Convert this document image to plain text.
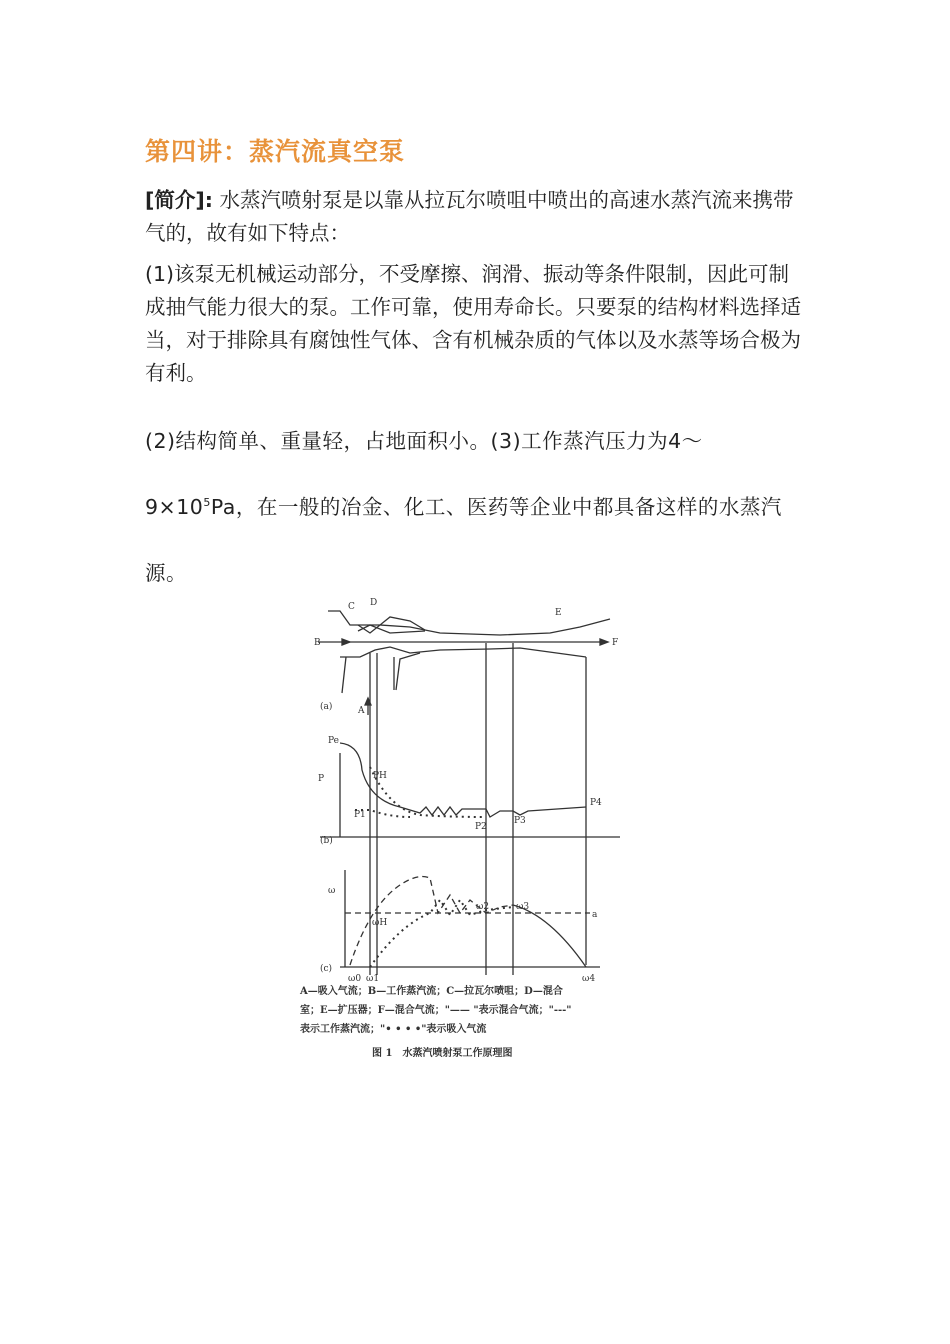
第四讲：蒸汽流真空泵

[简介]: 水蒸汽喷射泵是以靠从拉瓦尔喷咀中喷出的高速水蒸汽流来携带气的，故有如下特点：

(1)该泵无机械运动部分，不受摩擦、润滑、振动等条件限制，因此可制成抽气能力很大的泵。工作可靠，使用寿命长。只要泵的结构材料选择适当，对于排除具有腐蚀性气体、含有机械杂质的气体以及水蒸等场合极为有利。

(2)结构简单、重量轻，占地面积小。(3)工作蒸汽压力为$4\sim 9\times 10^5Pa$，在一般的冶金、化工、医药等企业中都具备这样的水蒸汽源。

C D
E
B	F
A
(a)
(b)
(c)
P
Pe
PH
P1
P2
P3
P4
ω
ωH
ω0 ω1
ω2	ω3
ω4
a
A—吸入气流；B—工作蒸汽流；C—拉瓦尔喷咀；D—混合
室；E—扩压器；F—混合气流；"—— "表示混合气流；"---"
表示工作蒸汽流；"• • • •"表示吸入气流
图 1　水蒸汽喷射泵工作原理图
